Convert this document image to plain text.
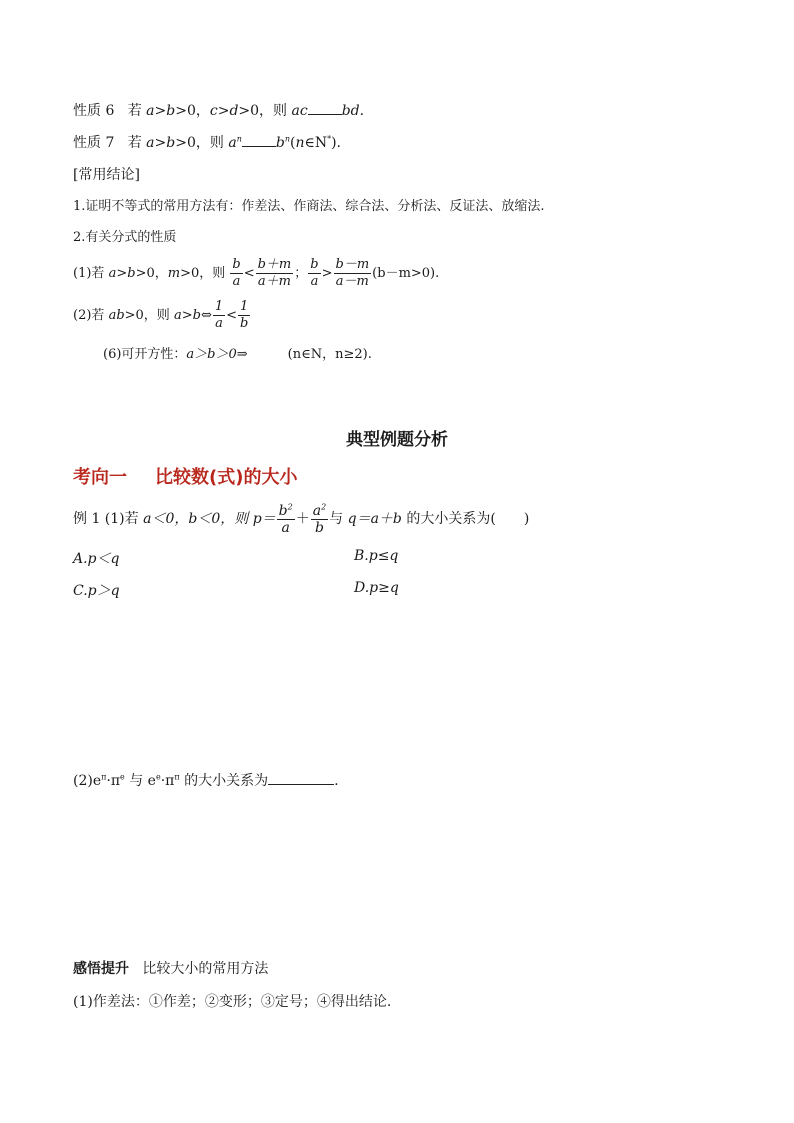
性质 6 若 a>b>0，c>d>0，则 ac bd.
性质 7 若 a>b>0，则 $a^n$ $b^n(n\in N^*)$.
[常用结论]
1.证明不等式的常用方法有：作差法、作商法、综合法、分析法、反证法、放缩法.
2.有关分式的性质
(1)若 a>b>0，m>0，则 $\frac{b}{a} < \frac{b+m}{a+m}$ ； $\frac{b}{a} > \frac{b-m}{a-m} (b-m>0)$.
(2)若 ab>0，则 a>b⇔ $\frac{1}{a} < \frac{1}{b}$
(6)可开方性：a＞b＞0⇒	(n∈N，n≥2).
典型例题分析
考向一 比较数(式)的大小
例 1 (1)若 a＜0，b＜0，则 $p= \frac{b^2}{a} + \frac{a^2}{b}$ 与 q＝a＋b 的大小关系为(　　)
A.p＜q	B.p≤q
C.p＞q	D.p≥q
$(2)e^\pi\cdot\pi^e$ 与 $e^e\cdot\pi^\pi$ 的大小关系为	.
感悟提升 比较大小的常用方法
(1)作差法：①作差；②变形；③定号；④得出结论.
